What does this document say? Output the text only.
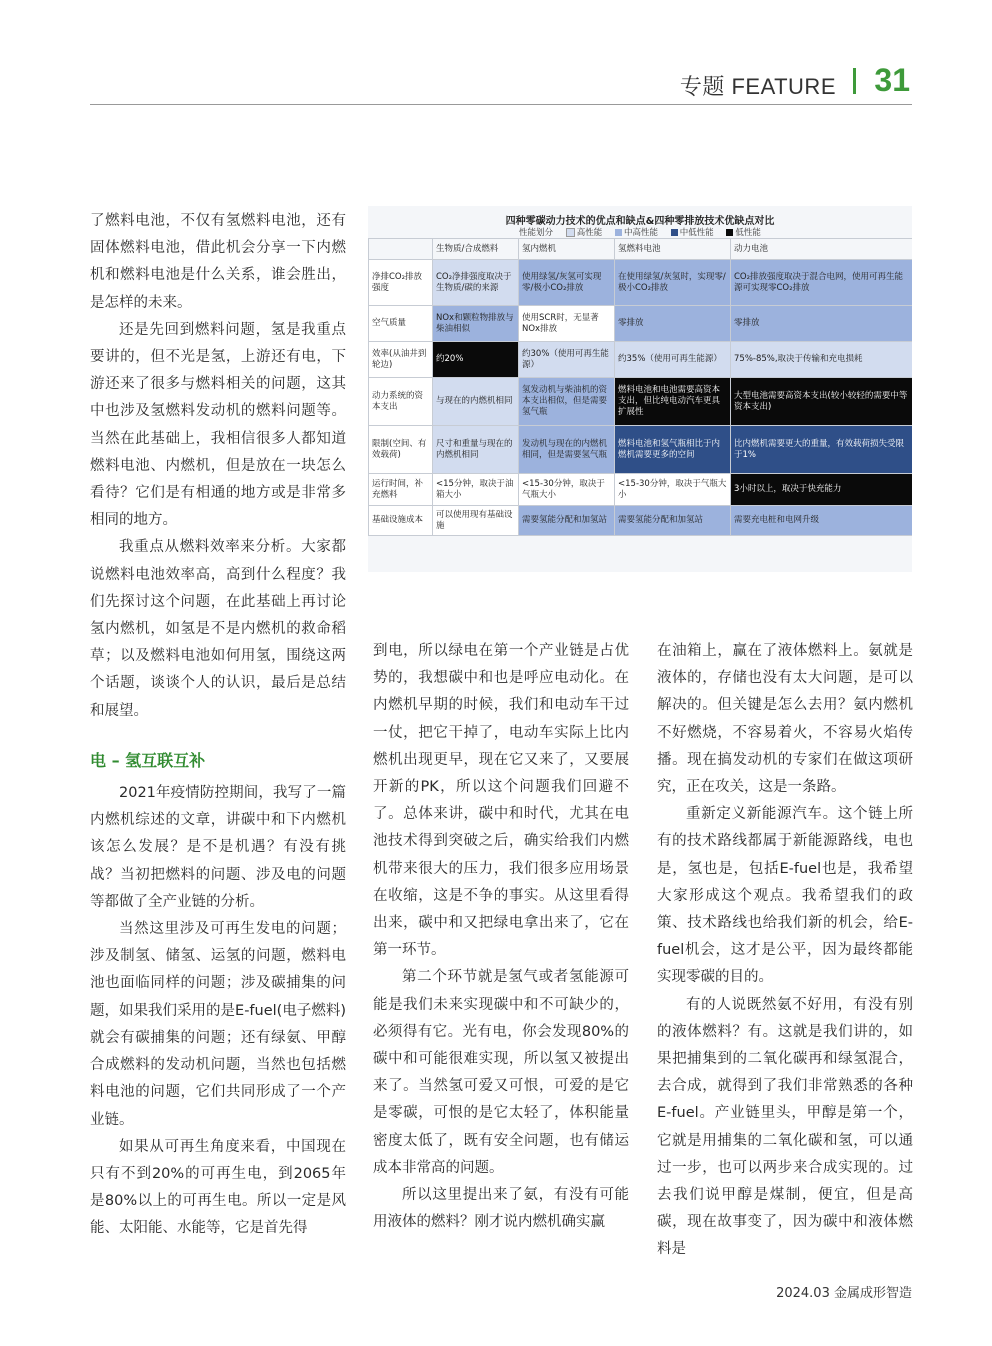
专题 FEATURE 31

了燃料电池，不仅有氢燃料电池，还有固体燃料电池，借此机会分享一下内燃机和燃料电池是什么关系，谁会胜出，是怎样的未来。

还是先回到燃料问题，氢是我重点要讲的，但不光是氢，上游还有电，下游还来了很多与燃料相关的问题，这其中也涉及氢燃料发动机的燃料问题等。当然在此基础上，我相信很多人都知道燃料电池、内燃机，但是放在一块怎么看待？它们是有相通的地方或是非常多相同的地方。

我重点从燃料效率来分析。大家都说燃料电池效率高，高到什么程度？我们先探讨这个问题，在此基础上再讨论氢内燃机，如氢是不是内燃机的救命稻草；以及燃料电池如何用氢，围绕这两个话题，谈谈个人的认识，最后是总结和展望。

电 – 氢互联互补

2021年疫情防控期间，我写了一篇内燃机综述的文章，讲碳中和下内燃机该怎么发展？是不是机遇？有没有挑战？当初把燃料的问题、涉及电的问题等都做了全产业链的分析。

当然这里涉及可再生发电的问题；涉及制氢、储氢、运氢的问题，燃料电池也面临同样的问题；涉及碳捕集的问题，如果我们采用的是E-fuel(电子燃料)就会有碳捕集的问题；还有绿氨、甲醇合成燃料的发动机问题，当然也包括燃料电池的问题，它们共同形成了一个产业链。

如果从可再生角度来看，中国现在只有不到20%的可再生电，到2065年是80%以上的可再生电。所以一定是风能、太阳能、水能等，它是首先得

四种零碳动力技术的优点和缺点&四种零排放技术优缺点对比
性能划分	高性能	中高性能	中低性能	低性能
	生物质/合成燃料	氢内燃机	氢燃料电池	动力电池
净排CO₂排放强度	CO₂净排强度取决于生物质/碳的来源	使用绿氢/灰氢可实现零/极小CO₂排放	在使用绿氢/灰氢时，实现零/极小CO₂排放	CO₂排放强度取决于混合电网，使用可再生能源可实现零CO₂排放
空气质量	NOx和颗粒物排放与柴油相似	使用SCR时，无显著NOx排放	零排放	零排放
效率(从油井到轮边)	约20%	约30%（使用可再生能源）	约35%（使用可再生能源）	75%-85%,取决于传输和充电损耗
动力系统的资本支出	与现在的内燃机相同	氢发动机与柴油机的资本支出相似，但是需要氢气瓶	燃料电池和电池需要高资本支出，但比纯电动汽车更具扩展性	大型电池需要高资本支出(较小较轻的需要中等资本支出)
限制(空间、有效载荷)	尺寸和重量与现在的内燃机相同	发动机与现在的内燃机相同，但是需要氢气瓶	燃料电池和氢气瓶相比于内燃机需要更多的空间	比内燃机需要更大的重量，有效载荷损失受限于1%
运行时间，补充燃料	<15分钟，取决于油箱大小	<15-30分钟，取决于气瓶大小	<15-30分钟，取决于气瓶大小	3小时以上，取决于快充能力
基础设施成本	可以使用现有基础设施	需要氢能分配和加氢站	需要氢能分配和加氢站	需要充电桩和电网升级

到电，所以绿电在第一个产业链是占优势的，我想碳中和也是呼应电动化。在内燃机早期的时候，我们和电动车干过一仗，把它干掉了，电动车实际上比内燃机出现更早，现在它又来了，又要展开新的PK，所以这个问题我们回避不了。总体来讲，碳中和时代，尤其在电池技术得到突破之后，确实给我们内燃机带来很大的压力，我们很多应用场景在收缩，这是不争的事实。从这里看得出来，碳中和又把绿电拿出来了，它在第一环节。

第二个环节就是氢气或者氢能源可能是我们未来实现碳中和不可缺少的，必须得有它。光有电，你会发现80%的碳中和可能很难实现，所以氢又被提出来了。当然氢可爱又可恨，可爱的是它是零碳，可恨的是它太轻了，体积能量密度太低了，既有安全问题，也有储运成本非常高的问题。

所以这里提出来了氨，有没有可能用液体的燃料？刚才说内燃机确实赢

在油箱上，赢在了液体燃料上。氨就是液体的，存储也没有太大问题，是可以解决的。但关键是怎么去用？氨内燃机不好燃烧，不容易着火，不容易火焰传播。现在搞发动机的专家们在做这项研究，正在攻关，这是一条路。

重新定义新能源汽车。这个链上所有的技术路线都属于新能源路线，电也是，氢也是，包括E-fuel也是，我希望大家形成这个观点。我希望我们的政策、技术路线也给我们新的机会，给E-fuel机会，这才是公平，因为最终都能实现零碳的目的。

有的人说既然氨不好用，有没有别的液体燃料？有。这就是我们讲的，如果把捕集到的二氧化碳再和绿氢混合，去合成，就得到了我们非常熟悉的各种E-fuel。产业链里头，甲醇是第一个，它就是用捕集的二氧化碳和氢，可以通过一步，也可以两步来合成实现的。过去我们说甲醇是煤制，便宜，但是高碳，现在故事变了，因为碳中和液体燃料是

2024.03 金属成形智造
